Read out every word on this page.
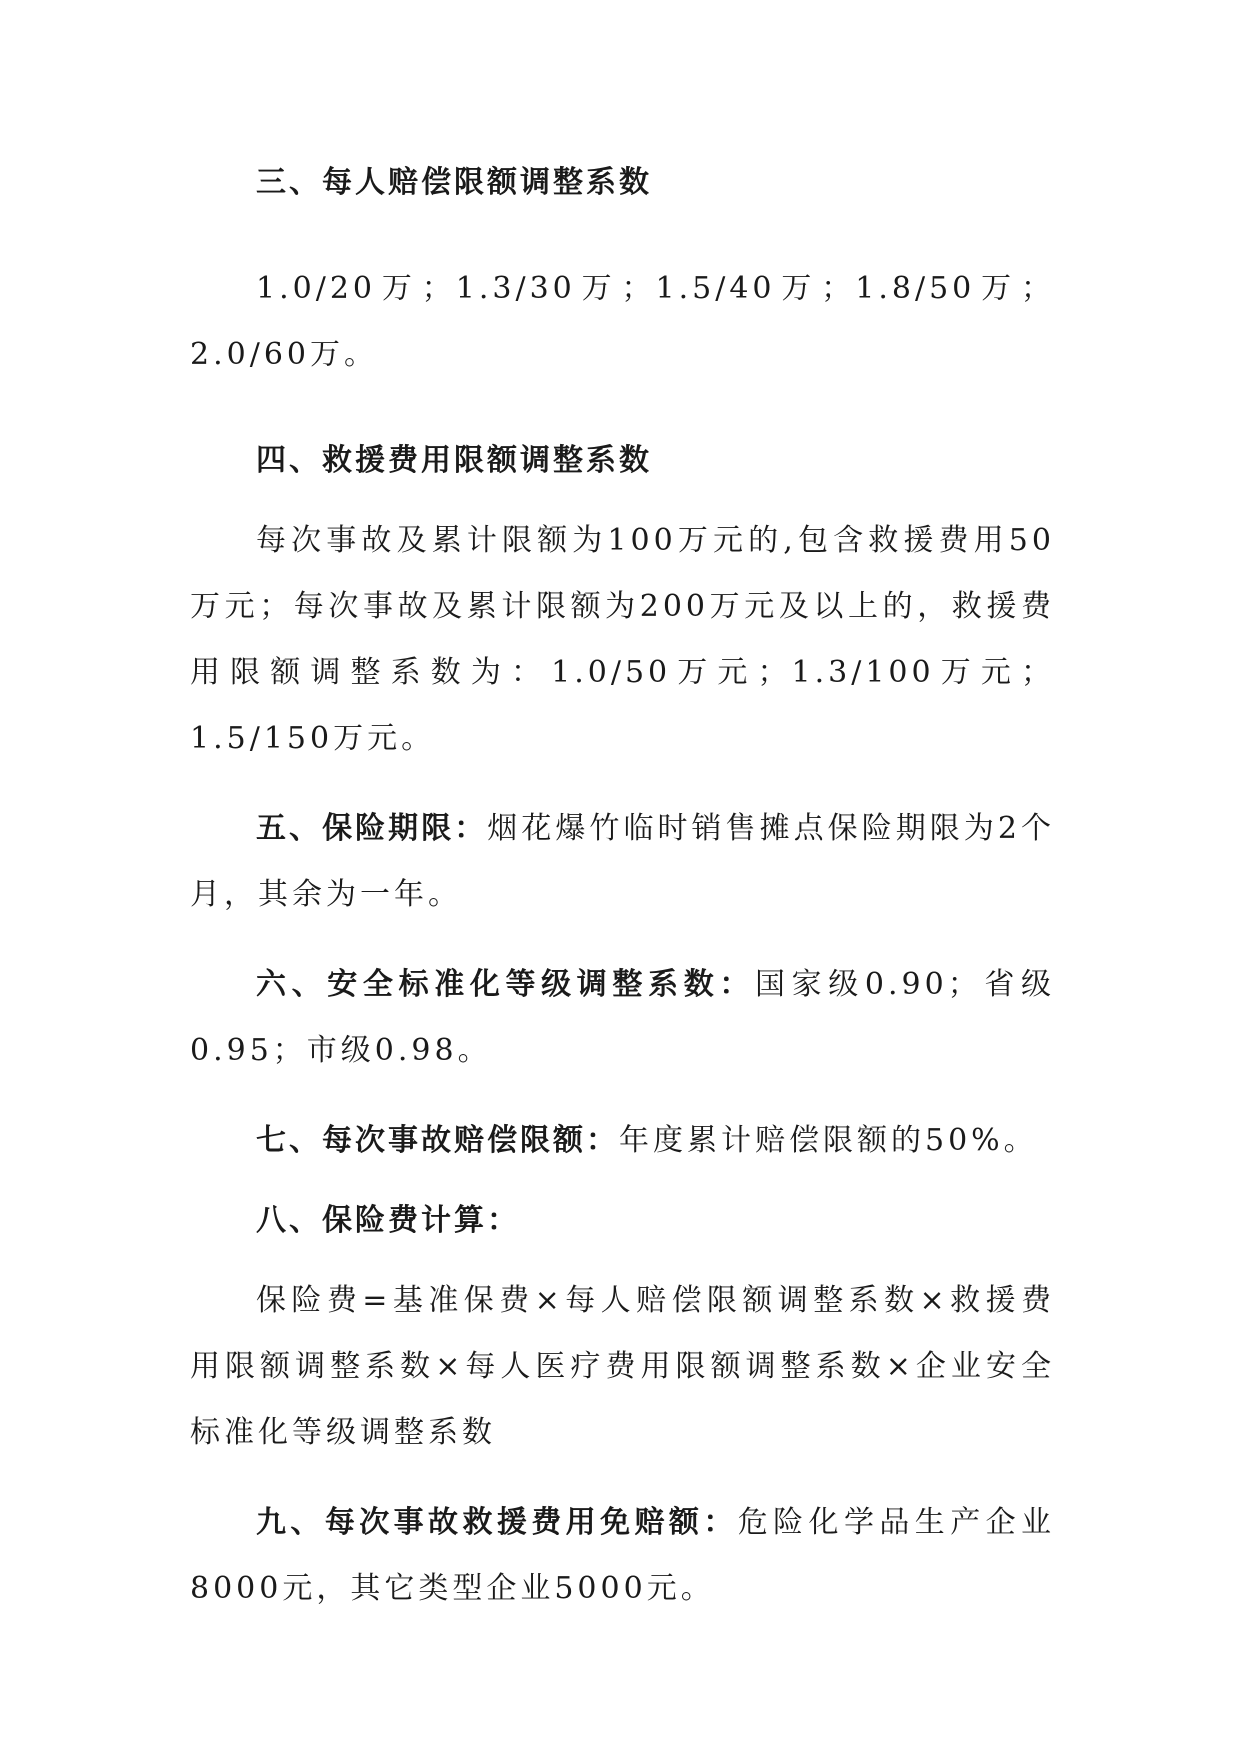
三、每人赔偿限额调整系数

1.0/20万；1.3/30万；1.5/40万；1.8/50万；2.0/60万。

四、救援费用限额调整系数

每次事故及累计限额为100万元的,包含救援费用50万元；每次事故及累计限额为200万元及以上的，救援费用限额调整系数为：1.0/50万元；1.3/100万元；1.5/150万元。

五、保险期限：烟花爆竹临时销售摊点保险期限为2个月，其余为一年。

六、安全标准化等级调整系数：国家级0.90；省级0.95；市级0.98。

七、每次事故赔偿限额：年度累计赔偿限额的50%。

八、保险费计算：

保险费=基准保费×每人赔偿限额调整系数×救援费用限额调整系数×每人医疗费用限额调整系数×企业安全标准化等级调整系数

九、每次事故救援费用免赔额：危险化学品生产企业8000元，其它类型企业5000元。
